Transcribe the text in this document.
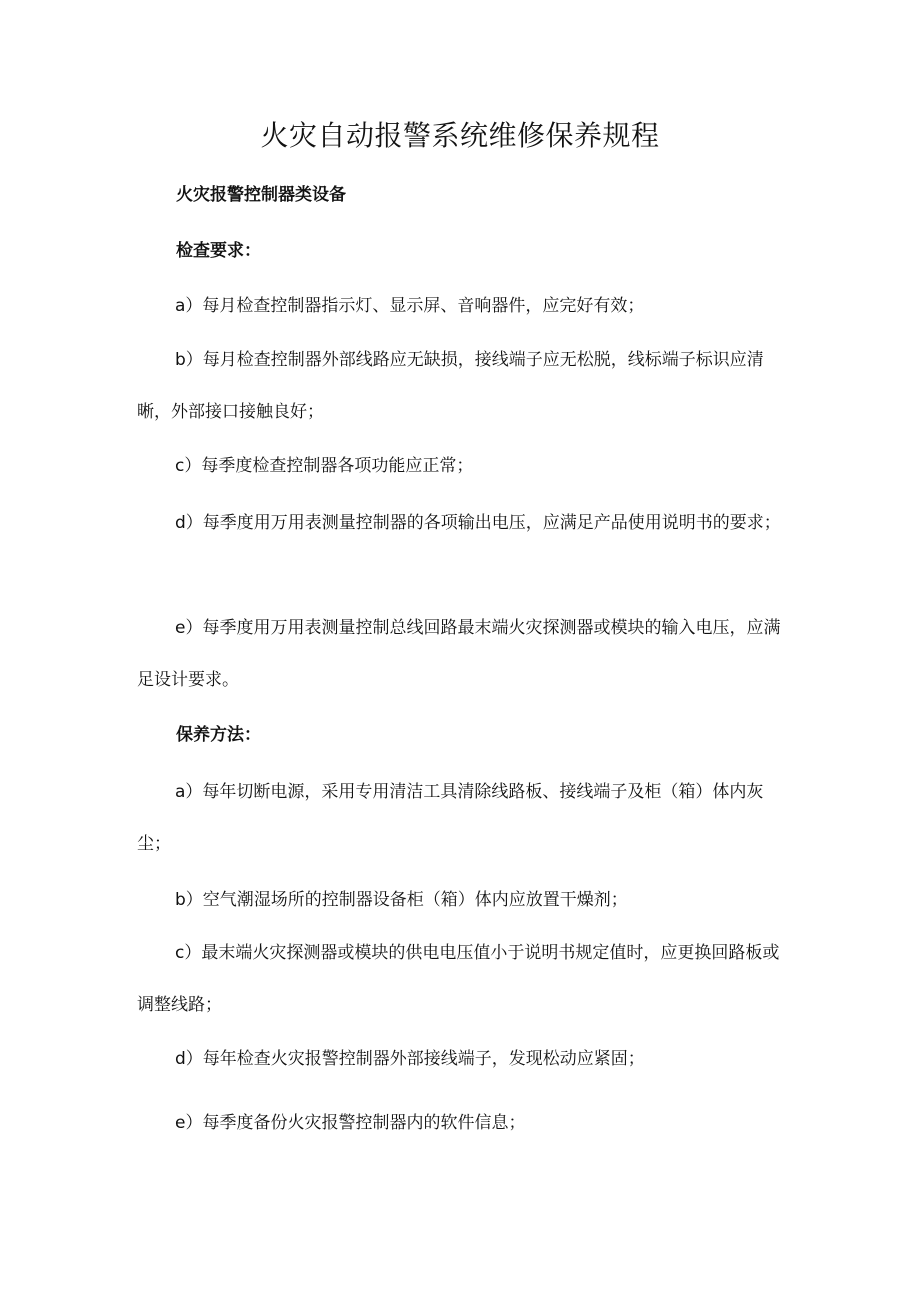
火灾自动报警系统维修保养规程
火灾报警控制器类设备
检查要求：
a）每月检查控制器指示灯、显示屏、音响器件，应完好有效；
b）每月检查控制器外部线路应无缺损，接线端子应无松脱，线标端子标识应清晰，外部接口接触良好；
c）每季度检查控制器各项功能应正常；
d）每季度用万用表测量控制器的各项输出电压，应满足产品使用说明书的要求；
e）每季度用万用表测量控制总线回路最末端火灾探测器或模块的输入电压，应满足设计要求。
保养方法：
a）每年切断电源，采用专用清洁工具清除线路板、接线端子及柜（箱）体内灰尘；
b）空气潮湿场所的控制器设备柜（箱）体内应放置干燥剂；
c）最末端火灾探测器或模块的供电电压值小于说明书规定值时，应更换回路板或调整线路；
d）每年检查火灾报警控制器外部接线端子，发现松动应紧固；
e）每季度备份火灾报警控制器内的软件信息；
